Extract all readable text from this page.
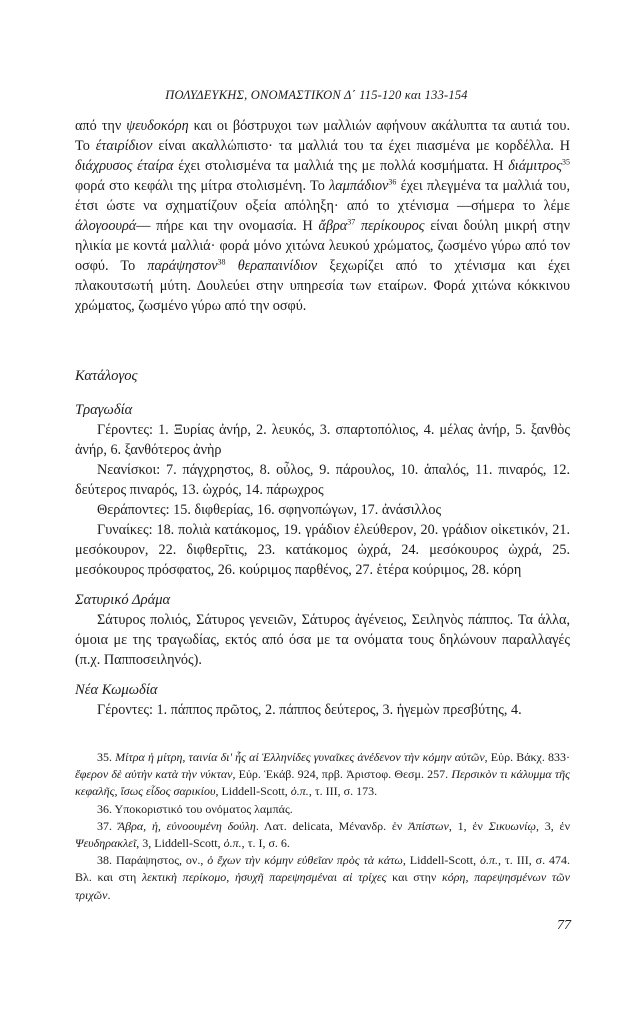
ΠΟΛΥΔΕΥΚΗΣ, ΟΝΟΜΑΣΤΙΚΟΝ Δ΄ 115-120 και 133-154

από την ψευδοκόρη και οι βόστρυχοι των μαλλιών αφήνουν ακάλυπτα τα αυτιά του. Το έταιρίδιον είναι ακαλλώπιστο· τα μαλλιά του τα έχει πιασμένα με κορδέλλα. Η διάχρυσος έταίρα έχει στολισμένα τα μαλλιά της με πολλά κοσμήματα. Η διάμιτρος$^{35}$ φορά στο κεφάλι της μίτρα στολισμένη. Το λαμπάδιον$^{36}$ έχει πλεγμένα τα μαλλιά του, έτσι ώστε να σχηματίζουν οξεία απόληξη· από το χτένισμα —σήμερα το λέμε άλογοουρά— πήρε και την ονομασία. Η ἄβρα$^{37}$ περίκουρος είναι δούλη μικρή στην ηλικία με κοντά μαλλιά· φορά μόνο χιτώνα λευκού χρώματος, ζωσμένο γύρω από τον οσφύ. Το παράψηστον$^{38}$ θεραπαινίδιον ξεχωρίζει από το χτένισμα και έχει πλακουτσωτή μύτη. Δουλεύει στην υπηρεσία των εταίρων. Φορά χιτώνα κόκκινου χρώματος, ζωσμένο γύρω από την οσφύ.

Κατάλογος

Τραγωδία

Γέροντες: 1. Ξυρίας ἀνήρ, 2. λευκός, 3. σπαρτοπόλιος, 4. μέλας ἀνήρ, 5. ξανθὸς ἀνήρ, 6. ξανθότερος ἀνὴρ

Νεανίσκοι: 7. πάγχρηστος, 8. οὖλος, 9. πάρουλος, 10. ἁπαλός, 11. πιναρός, 12. δεύτερος πιναρός, 13. ὠχρός, 14. πάρωχρος

Θεράποντες: 15. διφθερίας, 16. σφηνοπώγων, 17. ἀνάσιλλος

Γυναίκες: 18. πολιὰ κατάκομος, 19. γράδιον ἐλεύθερον, 20. γράδιον οἰκετικόν, 21. μεσόκουρον, 22. διφθερῖτις, 23. κατάκομος ὠχρά, 24. μεσόκουρος ὠχρά, 25. μεσόκουρος πρόσφατος, 26. κούριμος παρθένος, 27. ἑτέρα κούριμος, 28. κόρη

Σατυρικό Δράμα

Σάτυρος πολιός, Σάτυρος γενειῶν, Σάτυρος ἀγένειος, Σειληνὸς πάππος. Τα άλλα, όμοια με της τραγωδίας, εκτός από όσα με τα ονόματα τους δηλώνουν παραλλαγές (π.χ. Παπποσειληνός).

Νέα Κωμωδία

Γέροντες: 1. πάππος πρῶτος, 2. πάππος δεύτερος, 3. ἡγεμὼν πρεσβύτης, 4.

35. Μίτρα ἡ μίτρη, ταινία δι' ἧς αἱ Ἑλληνίδες γυναῖκες ἀνέδενον τὴν κόμην αὐτῶν, Εὐρ. Βάκχ. 833· ἔφερον δὲ αὐτὴν κατὰ τὴν νύκταν, Εὐρ. Ἑκάβ. 924, πρβ. Ἀριστοφ. Θεσμ. 257. Περσικὸν τι κάλυμμα τῆς κεφαλῆς, ἴσως εἶδος σαρικίου, Liddell-Scott, ὁ.π., τ. III, σ. 173.

36. Υποκοριστικό του ονόματος λαμπάς.

37. Ἄβρα, ἡ, εὐνοουμένη δούλη. Λατ. delicata, Μένανδρ. ἐν Ἀπίστων, 1, ἐν Σικυωνίῳ, 3, ἐν Ψευδηρακλεῖ, 3, Liddell-Scott, ὁ.π., τ. I, σ. 6.

38. Παράψηστος, ον., ὁ ἔχων τὴν κόμην εὐθεῖαν πρὸς τὰ κάτω, Liddell-Scott, ὁ.π., τ. III, σ. 474. Βλ. και στη λεκτικὴ περίκομο, ἡσυχῆ παρεψησμέναι αἱ τρίχες και στην κόρη, παρεψησμένων τῶν τριχῶν.

77
